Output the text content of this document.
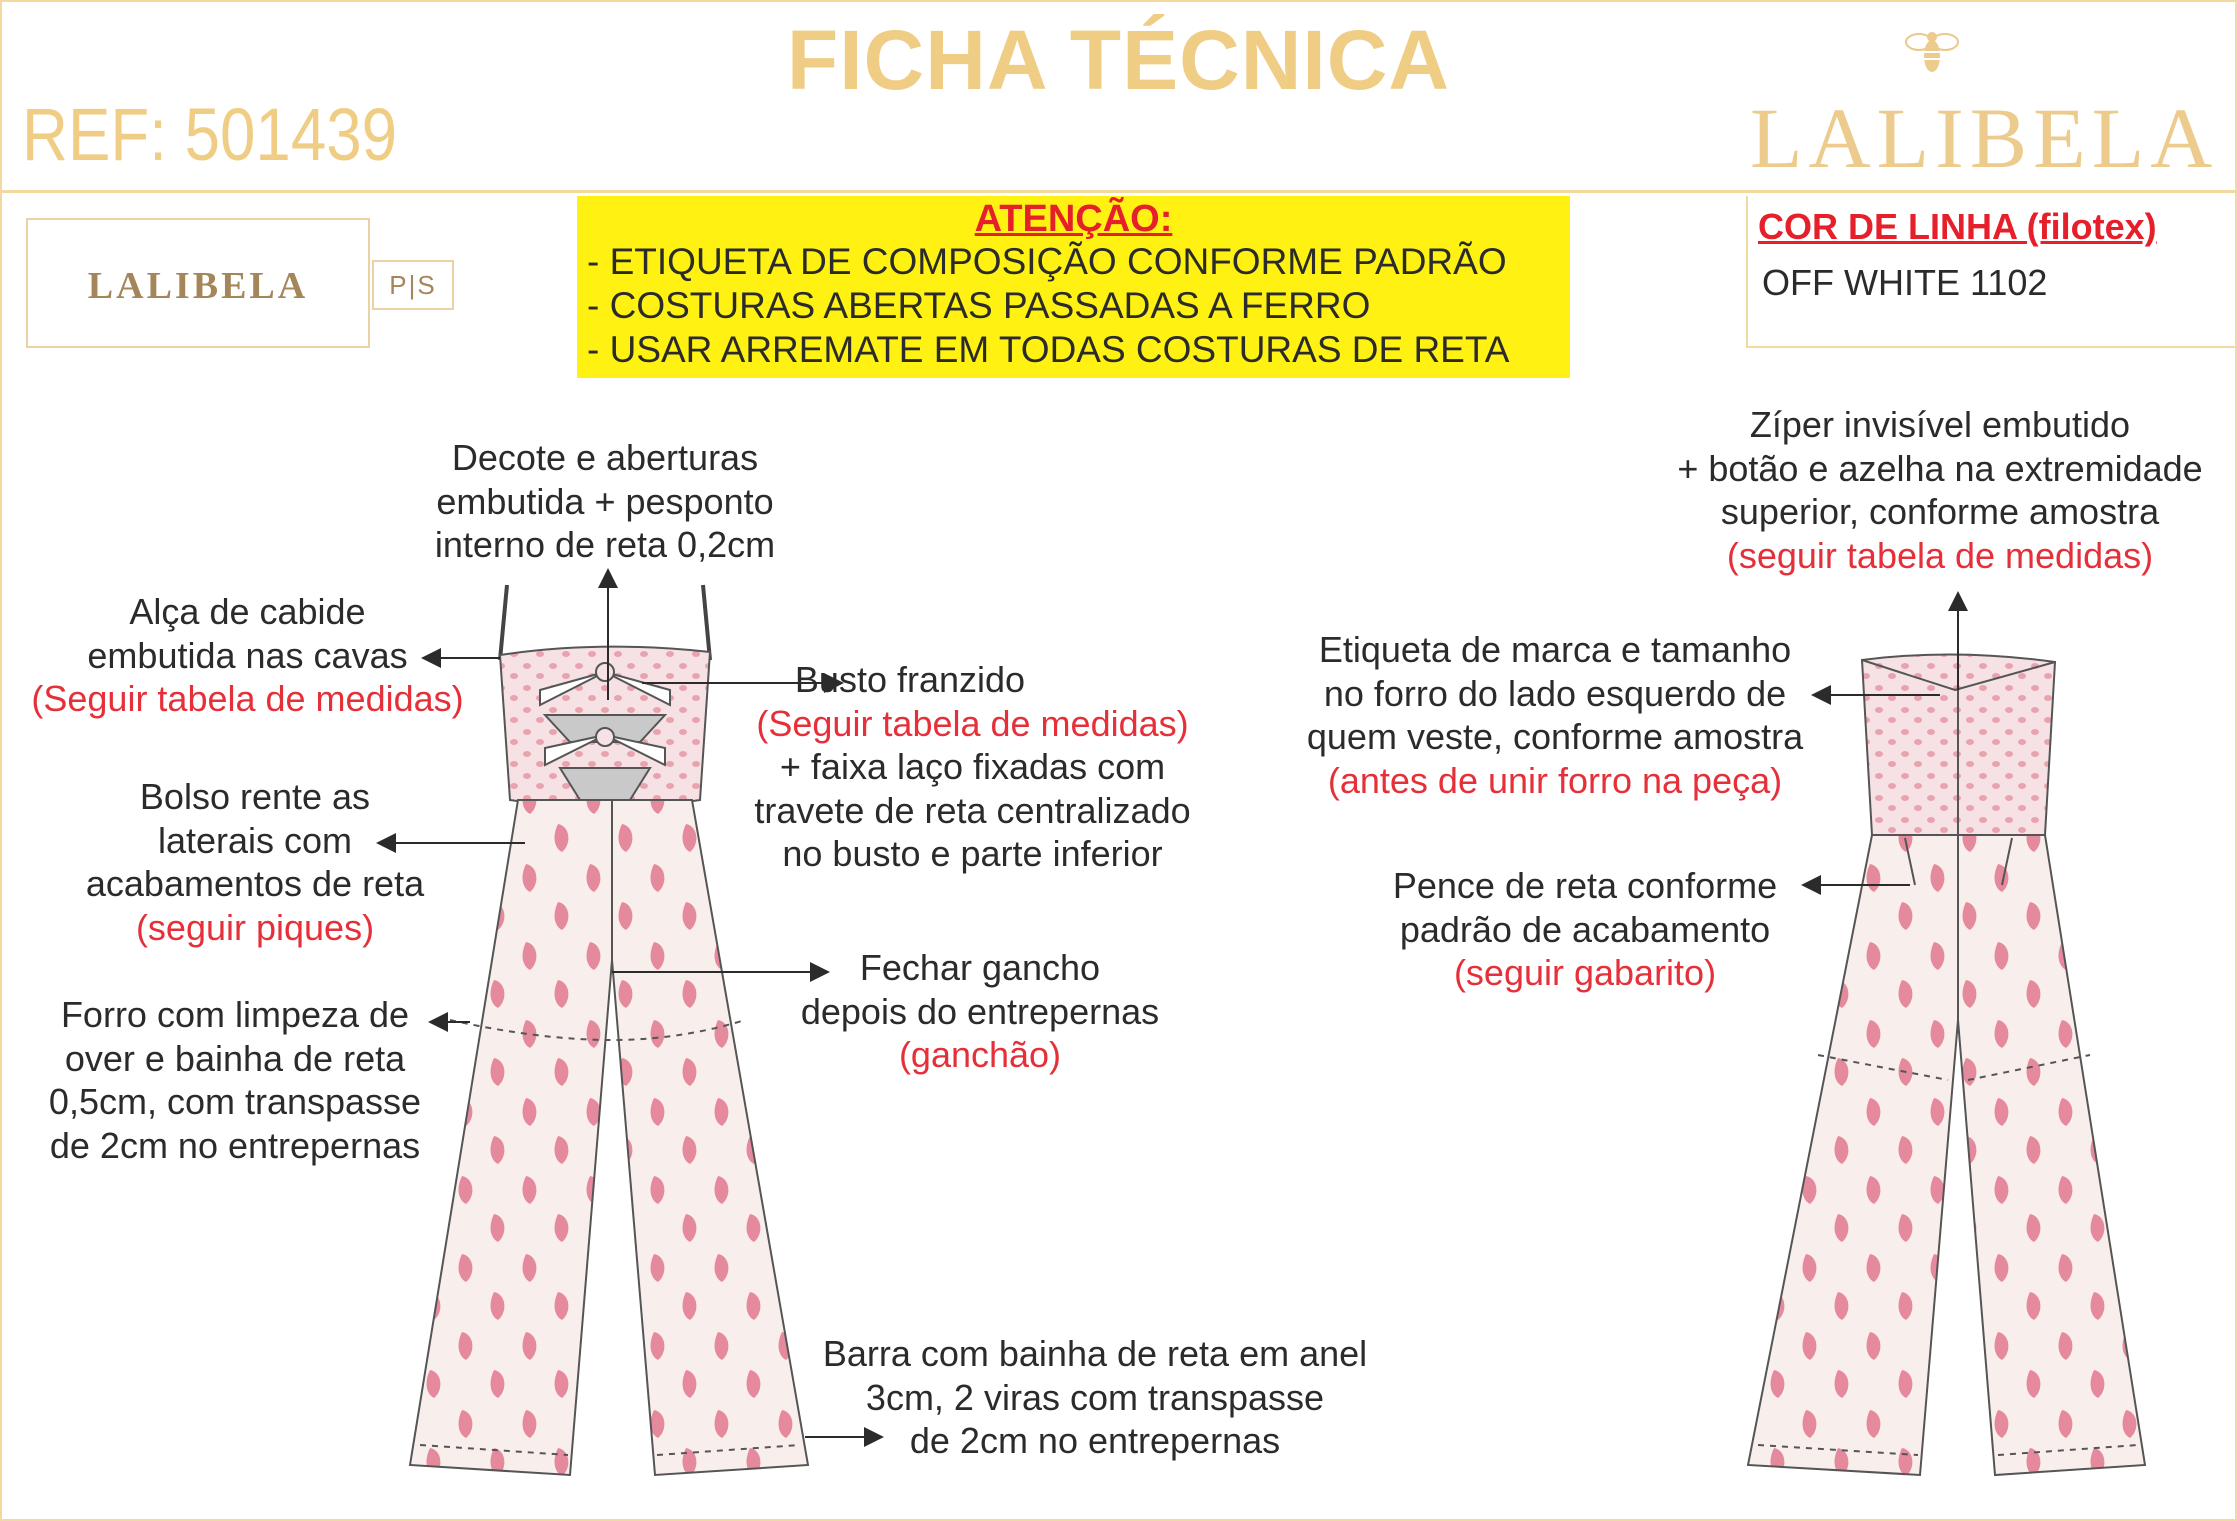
FICHA TÉCNICA
REF: 501439	LALIBELA
LALIBELA	P|S
ATENÇÃO:
- ETIQUETA DE COMPOSIÇÃO CONFORME PADRÃO
- COSTURAS ABERTAS PASSADAS A FERRO
- USAR ARREMATE EM TODAS COSTURAS DE RETA
COR DE LINHA (filotex)
OFF WHITE 1102
Decote e aberturas
embutida + pesponto
interno de reta 0,2cm
Alça de cabide
embutida nas cavas
(Seguir tabela de medidas)
Bolso rente as
laterais com
acabamentos de reta
(seguir piques)
Forro com limpeza de
over e bainha de reta
0,5cm, com transpasse
de 2cm no entrepernas
Busto franzido
(Seguir tabela de medidas)
+ faixa laço fixadas com
travete de reta centralizado
no busto e parte inferior
Fechar gancho
depois do entrepernas
(ganchão)
Barra com bainha de reta em anel
3cm, 2 viras com transpasse
de 2cm no entrepernas
Zíper invisível embutido
+ botão e azelha na extremidade
superior, conforme amostra
(seguir tabela de medidas)
Etiqueta de marca e tamanho
no forro do lado esquerdo de
quem veste, conforme amostra
(antes de unir forro na peça)
Pence de reta conforme
padrão de acabamento
(seguir gabarito)
